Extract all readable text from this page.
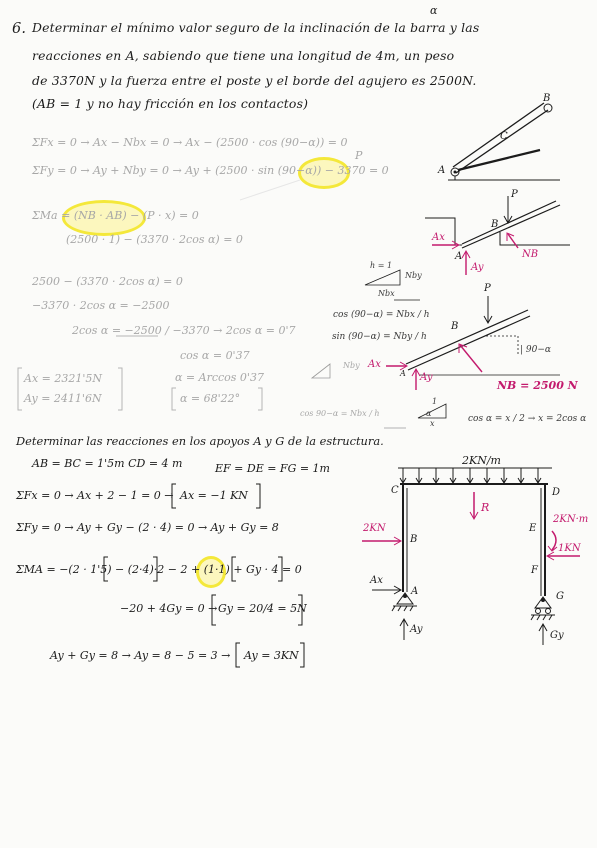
6. Determinar el mínimo valor seguro de la inclinación de la barra y las
α
reacciones en A, sabiendo que tiene una longitud de 4m, un peso
de 3370N y la fuerza entre el poste y el borde del agujero es 2500N.
(AB = 1 y no hay fricción en los contactos)
ΣFx = 0 → Ax − Nbx = 0 → Ax − (2500 · cos (90−α)) = 0
P
ΣFy = 0 → Ay + Nby = 0 → Ay + (2500 · sin (90−α)) − 3370 = 0
ΣMa = (NB · AB) − (P · x) = 0
(2500 · 1) − (3370 · 2cos α) = 0
2500 − (3370 · 2cos α) = 0
−3370 · 2cos α = −2500
2cos α = −2500 / −3370 → 2cos α = 0'7
cos α = 0'37
Ax = 2321'5N
Ay = 2411'6N
α = Arccos 0'37
α = 68'22°
B
C
A
P
B
Ax
A
Ay
NB
h = 1
Nbx
Nby
cos (90−α) = Nbx / h
sin (90−α) = Nby / h
P
B
| 90−α
Ax
Ay
A
NB = 2500 N
cos α = x / 2 → x = 2cos α
1
α
x
cos 90−α = Nbx / h
Nby
Determinar las reacciones en los apoyos A y G de la estructura.
AB = BC = 1'5m CD = 4 m	EF = DE = FG = 1m
ΣFx = 0 → Ax + 2 − 1 = 0 → Ax = −1 KN
ΣFy = 0 → Ay + Gy − (2 · 4) = 0 → Ay + Gy = 8
ΣMA = −(2 · 1'5) − (2·4)·2 − 2 + (1·1) + Gy · 4 = 0
−20 + 4Gy = 0 → Gy = 20/4 = 5N
Ay + Gy = 8 → Ay = 8 − 5 = 3 → Ay = 3KN
2KN/m
R
2KN
2KN·m
1KN
C	D
B
E
F
A	G
Ax
Ay
Gy
